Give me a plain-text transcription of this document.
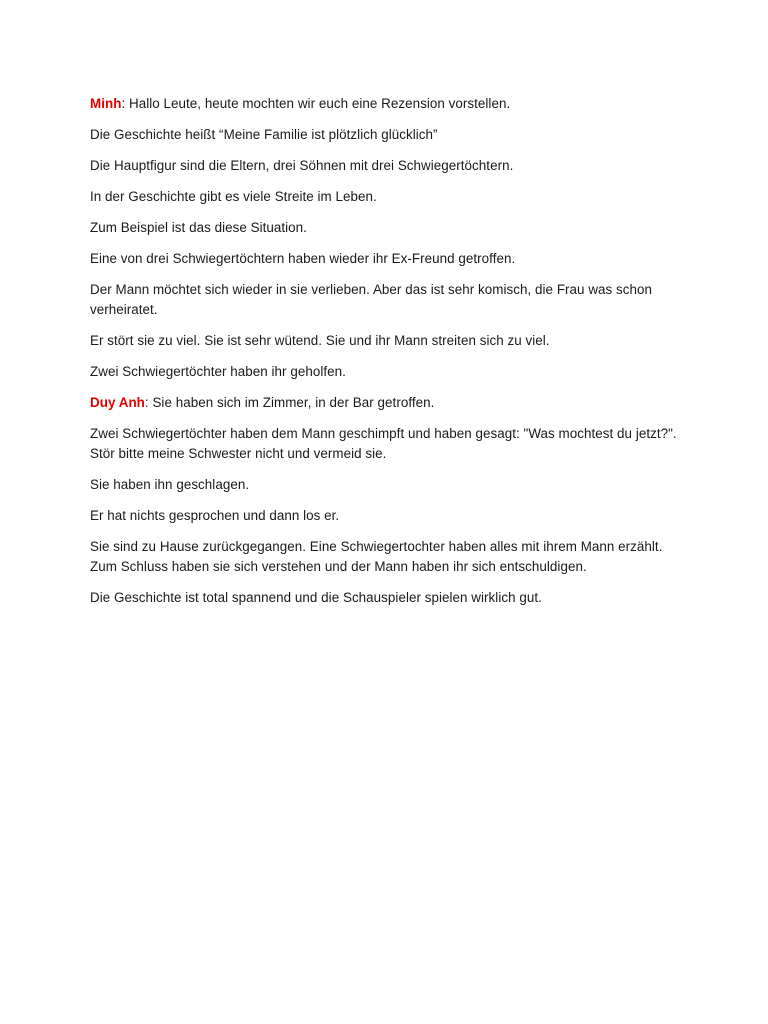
Minh: Hallo Leute, heute mochten wir euch eine Rezension vorstellen.

Die Geschichte heißt “Meine Familie ist plötzlich glücklich”

Die Hauptfigur sind die Eltern, drei Söhnen mit drei Schwiegertöchtern.

In der Geschichte gibt es viele Streite im Leben.

Zum Beispiel ist das diese Situation.

Eine von drei Schwiegertöchtern haben wieder ihr Ex-Freund getroffen.

Der Mann möchtet sich wieder in sie verlieben. Aber das ist sehr komisch, die Frau was schon verheiratet.

Er stört sie zu viel. Sie ist sehr wütend. Sie und ihr Mann streiten sich zu viel.

Zwei Schwiegertöchter haben ihr geholfen.

Duy Anh: Sie haben sich im Zimmer, in der Bar getroffen.

Zwei Schwiegertöchter haben dem Mann geschimpft und haben gesagt: "Was mochtest du jetzt?". Stör bitte meine Schwester nicht und vermeid sie.

Sie haben ihn geschlagen.

Er hat nichts gesprochen und dann los er.

Sie sind zu Hause zurückgegangen. Eine Schwiegertochter haben alles mit ihrem Mann erzählt. Zum Schluss haben sie sich verstehen und der Mann haben ihr sich entschuldigen.

Die Geschichte ist total spannend und die Schauspieler spielen wirklich gut.
